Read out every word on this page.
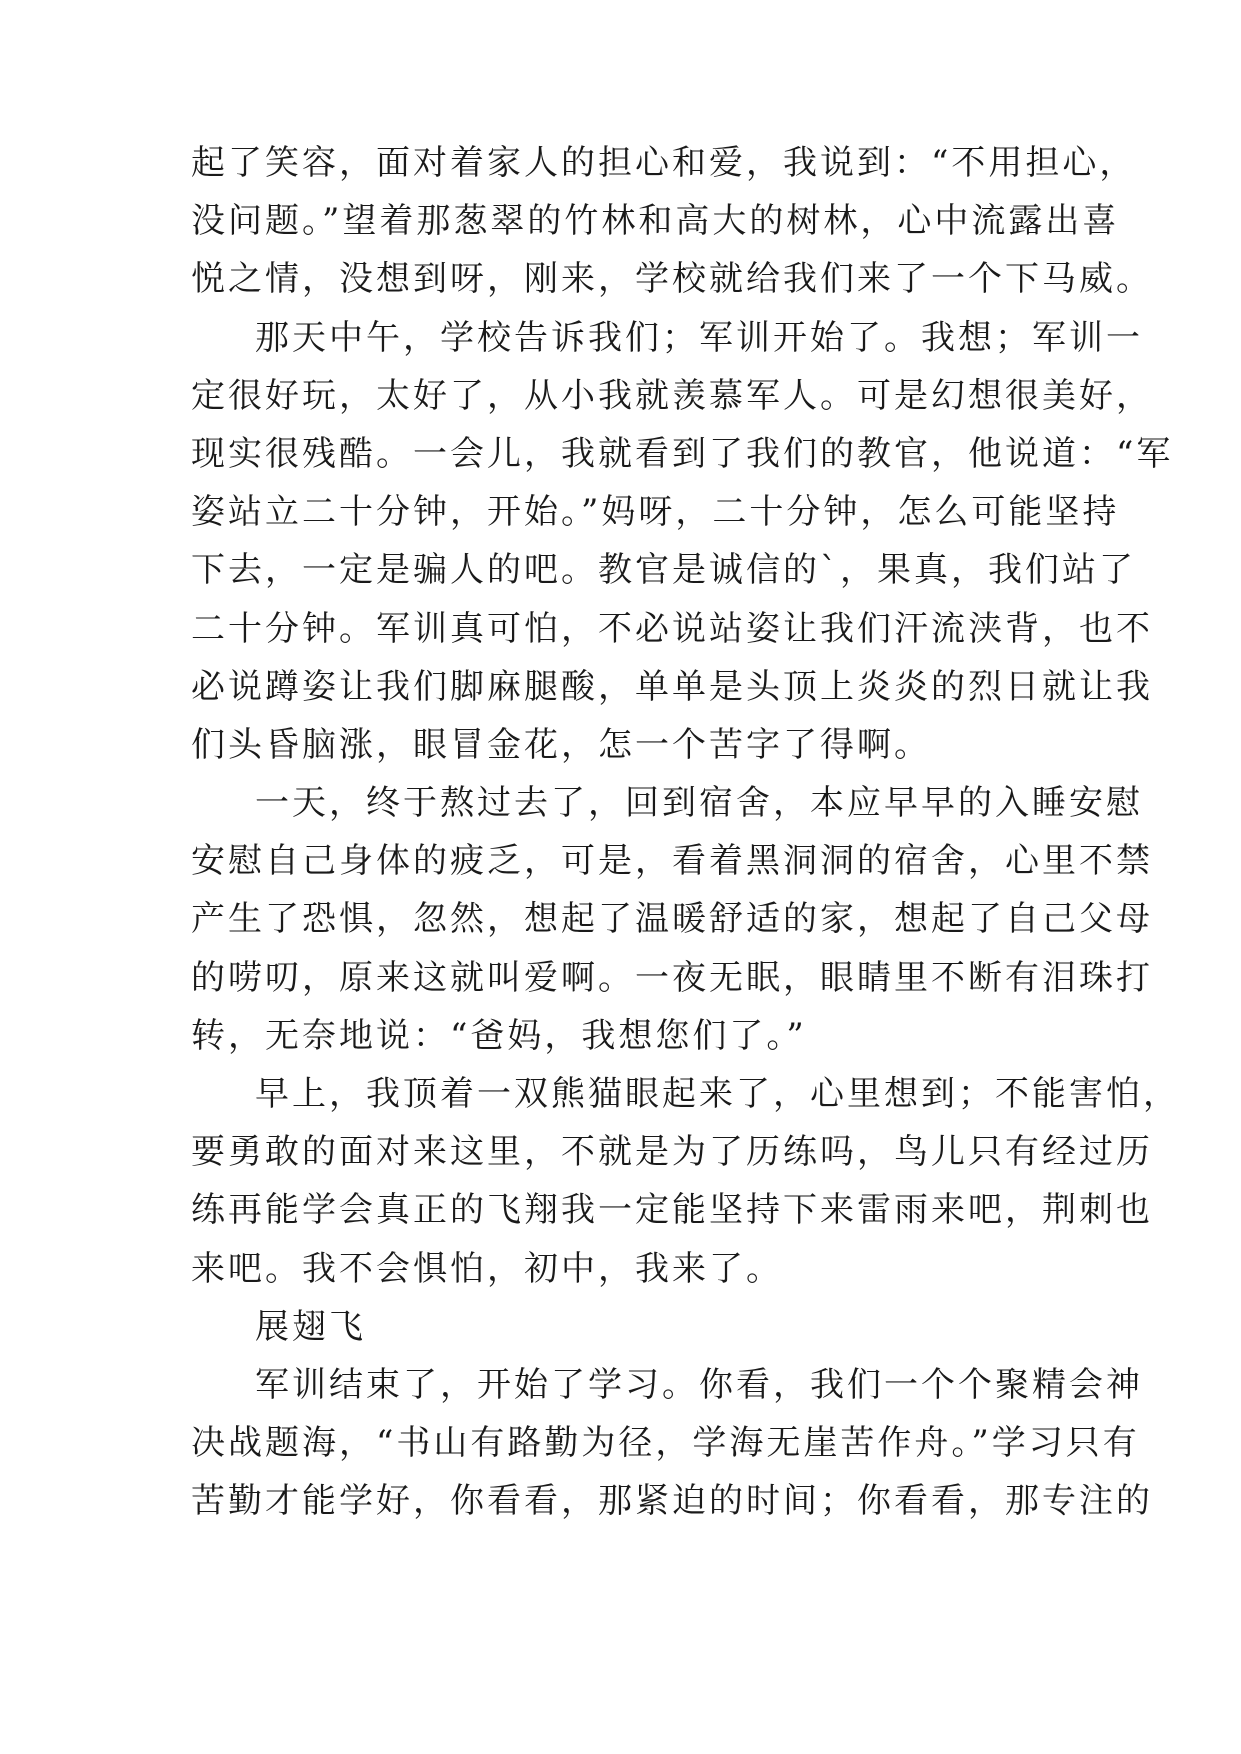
起了笑容，面对着家人的担心和爱，我说到：“不用担心，
没问题。”望着那葱翠的竹林和高大的树林，心中流露出喜
悦之情，没想到呀，刚来，学校就给我们来了一个下马威。
那天中午，学校告诉我们；军训开始了。我想；军训一
定很好玩，太好了，从小我就羡慕军人。可是幻想很美好，
现实很残酷。一会儿，我就看到了我们的教官，他说道：“军
姿站立二十分钟，开始。”妈呀，二十分钟，怎么可能坚持
下去，一定是骗人的吧。教官是诚信的`，果真，我们站了
二十分钟。军训真可怕，不必说站姿让我们汗流浃背，也不
必说蹲姿让我们脚麻腿酸，单单是头顶上炎炎的烈日就让我
们头昏脑涨，眼冒金花，怎一个苦字了得啊。
一天，终于熬过去了，回到宿舍，本应早早的入睡安慰
安慰自己身体的疲乏，可是，看着黑洞洞的宿舍，心里不禁
产生了恐惧，忽然，想起了温暖舒适的家，想起了自己父母
的唠叨，原来这就叫爱啊。一夜无眠，眼睛里不断有泪珠打
转，无奈地说：“爸妈，我想您们了。”
早上，我顶着一双熊猫眼起来了，心里想到；不能害怕，
要勇敢的面对来这里，不就是为了历练吗，鸟儿只有经过历
练再能学会真正的飞翔我一定能坚持下来雷雨来吧，荆刺也
来吧。我不会惧怕，初中，我来了。
展翅飞
军训结束了，开始了学习。你看，我们一个个聚精会神
决战题海，“书山有路勤为径，学海无崖苦作舟。”学习只有
苦勤才能学好，你看看，那紧迫的时间；你看看，那专注的
